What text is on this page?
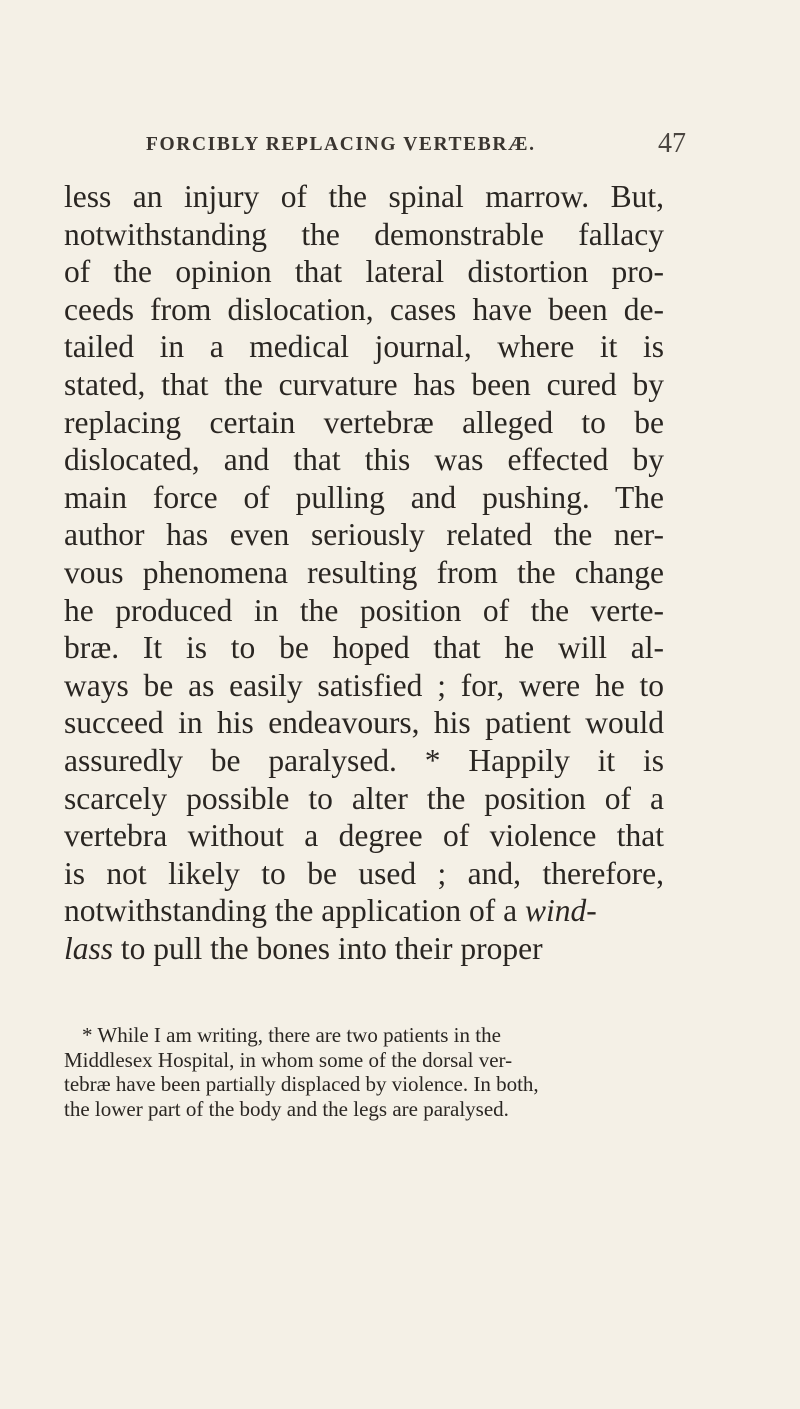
FORCIBLY REPLACING VERTEBRÆ.	47
less an injury of the spinal marrow. But,
notwithstanding the demonstrable fallacy
of the opinion that lateral distortion pro-
ceeds from dislocation, cases have been de-
tailed in a medical journal, where it is
stated, that the curvature has been cured by
replacing certain vertebræ alleged to be
dislocated, and that this was effected by
main force of pulling and pushing. The
author has even seriously related the ner-
vous phenomena resulting from the change
he produced in the position of the verte-
bræ. It is to be hoped that he will al-
ways be as easily satisfied ; for, were he to
succeed in his endeavours, his patient would
assuredly be paralysed. * Happily it is
scarcely possible to alter the position of a
vertebra without a degree of violence that
is not likely to be used ; and, therefore,
notwithstanding the application of a wind-
lass to pull the bones into their proper
* While I am writing, there are two patients in the
Middlesex Hospital, in whom some of the dorsal ver-
tebræ have been partially displaced by violence. In both,
the lower part of the body and the legs are paralysed.
